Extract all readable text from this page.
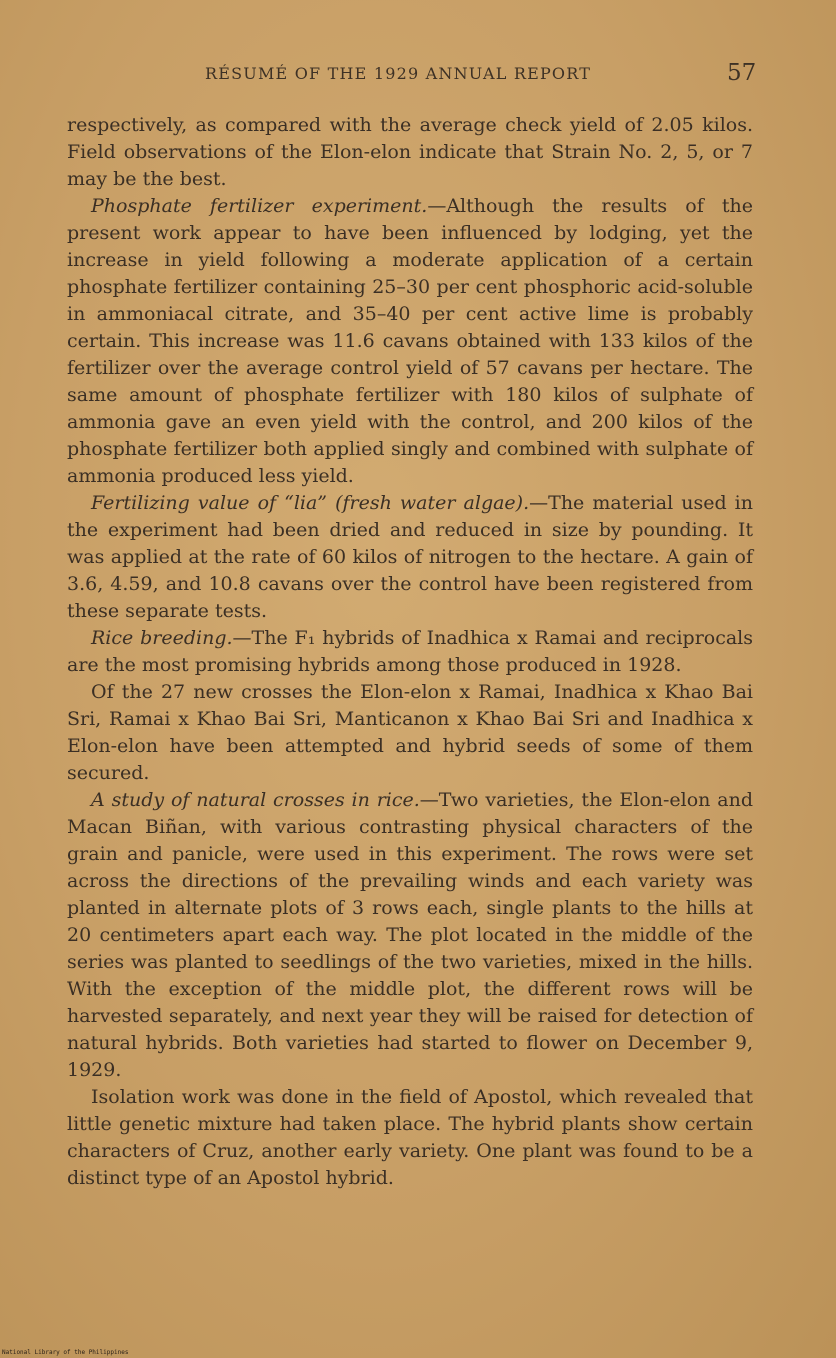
RÉSUMÉ OF THE 1929 ANNUAL REPORT	57

respectively, as compared with the average check yield of 2.05 kilos. Field observations of the Elon-elon indicate that Strain No. 2, 5, or 7 may be the best.

Phosphate fertilizer experiment.—Although the results of the present work appear to have been influenced by lodging, yet the increase in yield following a moderate application of a certain phosphate fertilizer containing 25–30 per cent phosphoric acid-soluble in ammoniacal citrate, and 35–40 per cent active lime is probably certain. This increase was 11.6 cavans obtained with 133 kilos of the fertilizer over the average control yield of 57 cavans per hectare. The same amount of phosphate fertilizer with 180 kilos of sulphate of ammonia gave an even yield with the control, and 200 kilos of the phosphate fertilizer both applied singly and combined with sulphate of ammonia produced less yield.

Fertilizing value of “lia” (fresh water algae).—The material used in the experiment had been dried and reduced in size by pounding. It was applied at the rate of 60 kilos of nitrogen to the hectare. A gain of 3.6, 4.59, and 10.8 cavans over the control have been registered from these separate tests.

Rice breeding.—The F₁ hybrids of Inadhica x Ramai and reciprocals are the most promising hybrids among those produced in 1928.

Of the 27 new crosses the Elon-elon x Ramai, Inadhica x Khao Bai Sri, Ramai x Khao Bai Sri, Manticanon x Khao Bai Sri and Inadhica x Elon-elon have been attempted and hybrid seeds of some of them secured.

A study of natural crosses in rice.—Two varieties, the Elon-elon and Macan Biñan, with various contrasting physical characters of the grain and panicle, were used in this experiment. The rows were set across the directions of the prevailing winds and each variety was planted in alternate plots of 3 rows each, single plants to the hills at 20 centimeters apart each way. The plot located in the middle of the series was planted to seedlings of the two varieties, mixed in the hills. With the exception of the middle plot, the different rows will be harvested separately, and next year they will be raised for detection of natural hybrids. Both varieties had started to flower on December 9, 1929.

Isolation work was done in the field of Apostol, which revealed that little genetic mixture had taken place. The hybrid plants show certain characters of Cruz, another early variety. One plant was found to be a distinct type of an Apostol hybrid.

National Library of the Philippines
